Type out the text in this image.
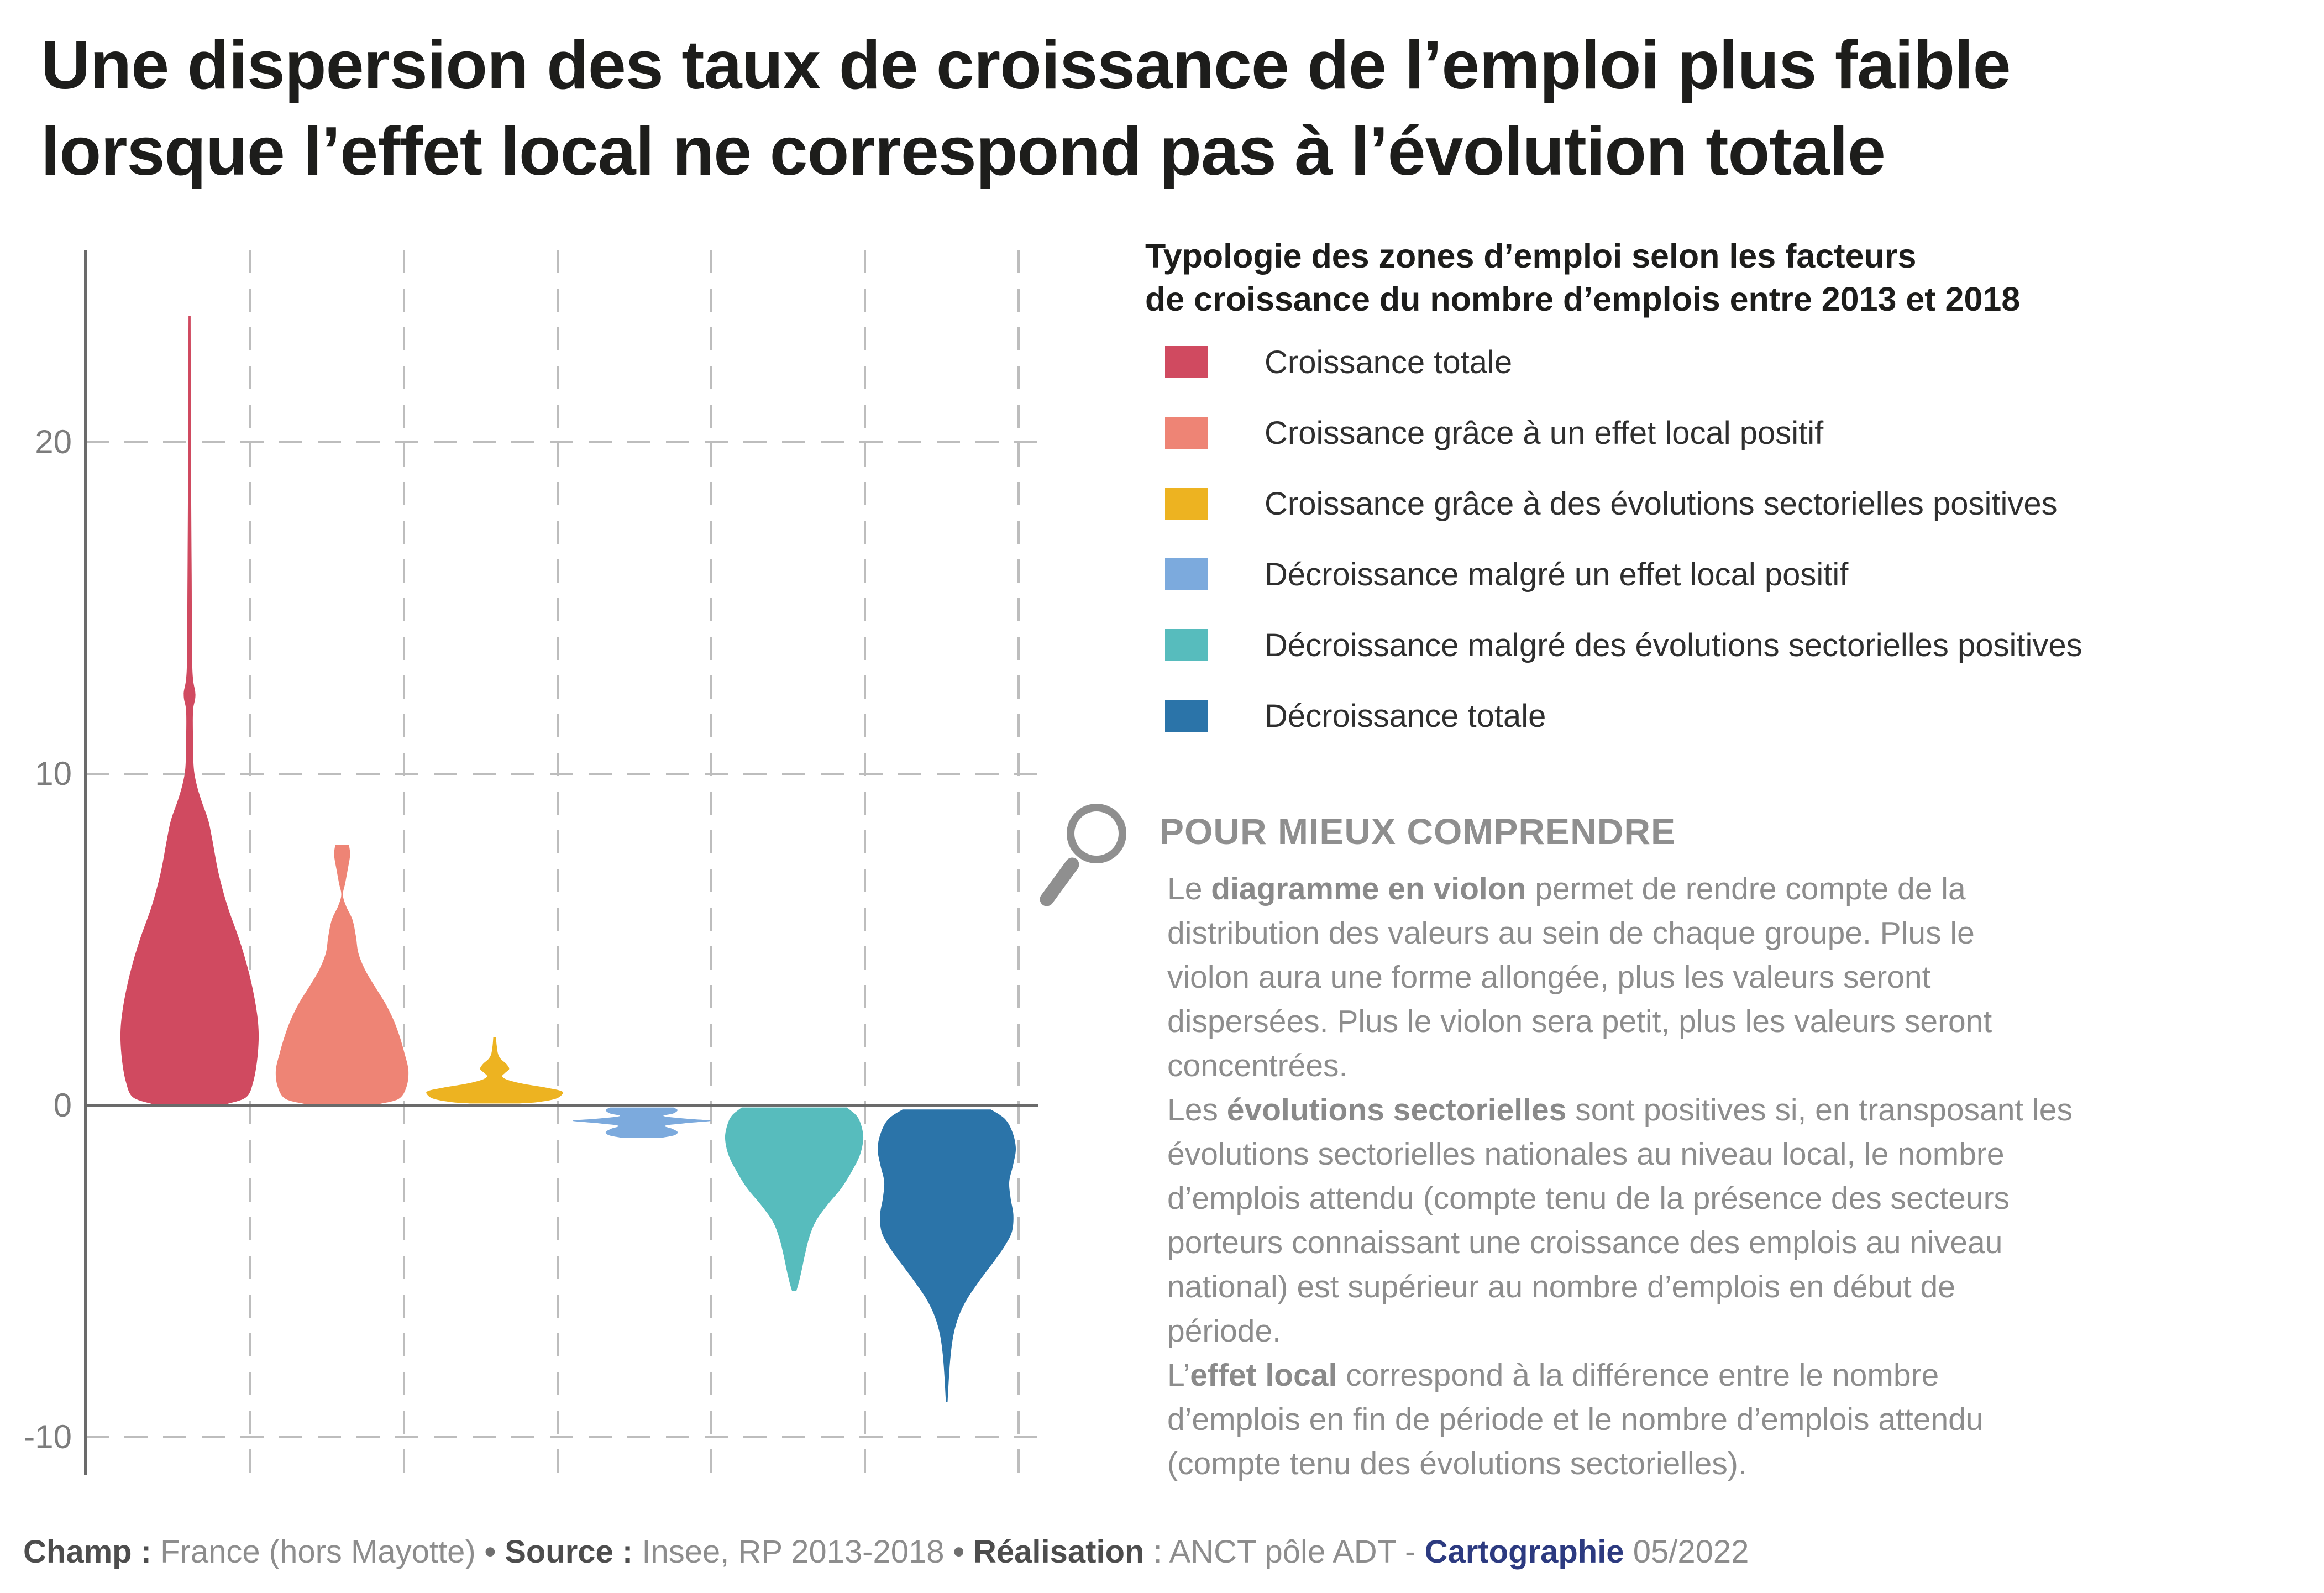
Une dispersion des taux de croissance de l’emploi plus faible
lorsque l’effet local ne correspond pas à l’évolution totale
20
10
0
-10
Typologie des zones d’emploi selon les facteurs
de croissance du nombre d’emplois entre 2013 et 2018
Croissance totale
Croissance grâce à un effet local positif
Croissance grâce à des évolutions sectorielles positives
Décroissance malgré un effet local positif
Décroissance malgré des évolutions sectorielles positives
Décroissance totale
POUR MIEUX COMPRENDRE
Le diagramme en violon permet de rendre compte de la
distribution des valeurs au sein de chaque groupe. Plus le
violon aura une forme allongée, plus les valeurs seront
dispersées. Plus le violon sera petit, plus les valeurs seront
concentrées.
Les évolutions sectorielles sont positives si, en transposant les
évolutions sectorielles nationales au niveau local, le nombre
d’emplois attendu (compte tenu de la présence des secteurs
porteurs connaissant une croissance des emplois au niveau
national) est supérieur au nombre d’emplois en début de
période.
L’effet local correspond à la différence entre le nombre
d’emplois en fin de période et le nombre d’emplois attendu
(compte tenu des évolutions sectorielles).
Champ : France (hors Mayotte) • Source : Insee, RP 2013-2018 • Réalisation : ANCT pôle ADT - Cartographie 05/2022
